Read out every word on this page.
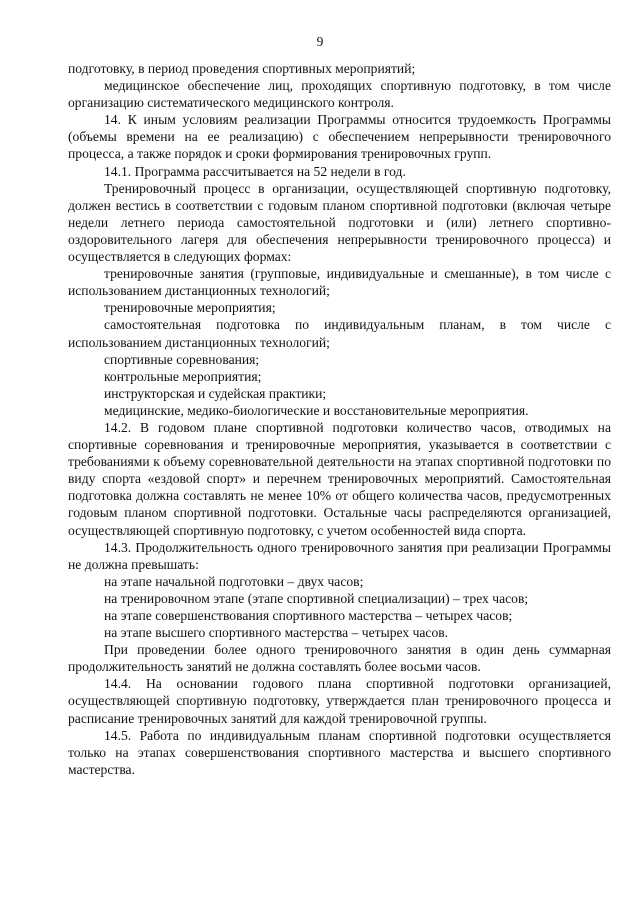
9

подготовку, в период проведения спортивных мероприятий;

медицинское обеспечение лиц, проходящих спортивную подготовку, в том числе организацию систематического медицинского контроля.

14. К иным условиям реализации Программы относится трудоемкость Программы (объемы времени на ее реализацию) с обеспечением непрерывности тренировочного процесса, а также порядок и сроки формирования тренировочных групп.

14.1. Программа рассчитывается на 52 недели в год.

Тренировочный процесс в организации, осуществляющей спортивную подготовку, должен вестись в соответствии с годовым планом спортивной подготовки (включая четыре недели летнего периода самостоятельной подготовки и (или) летнего спортивно-оздоровительного лагеря для обеспечения непрерывности тренировочного процесса) и осуществляется в следующих формах:

тренировочные занятия (групповые, индивидуальные и смешанные), в том числе с использованием дистанционных технологий;

тренировочные мероприятия;

самостоятельная подготовка по индивидуальным планам, в том числе с использованием дистанционных технологий;

спортивные соревнования;

контрольные мероприятия;

инструкторская и судейская практики;

медицинские, медико-биологические и восстановительные мероприятия.

14.2. В годовом плане спортивной подготовки количество часов, отводимых на спортивные соревнования и тренировочные мероприятия, указывается в соответствии с требованиями к объему соревновательной деятельности на этапах спортивной подготовки по виду спорта «ездовой спорт» и перечнем тренировочных мероприятий. Самостоятельная подготовка должна составлять не менее 10% от общего количества часов, предусмотренных годовым планом спортивной подготовки. Остальные часы распределяются организацией, осуществляющей спортивную подготовку, с учетом особенностей вида спорта.

14.3. Продолжительность одного тренировочного занятия при реализации Программы не должна превышать:

на этапе начальной подготовки – двух часов;

на тренировочном этапе (этапе спортивной специализации) – трех часов;

на этапе совершенствования спортивного мастерства – четырех часов;

на этапе высшего спортивного мастерства – четырех часов.

При проведении более одного тренировочного занятия в один день суммарная продолжительность занятий не должна составлять более восьми часов.

14.4. На основании годового плана спортивной подготовки организацией, осуществляющей спортивную подготовку, утверждается план тренировочного процесса и расписание тренировочных занятий для каждой тренировочной группы.

14.5. Работа по индивидуальным планам спортивной подготовки осуществляется только на этапах совершенствования спортивного мастерства и высшего спортивного мастерства.
